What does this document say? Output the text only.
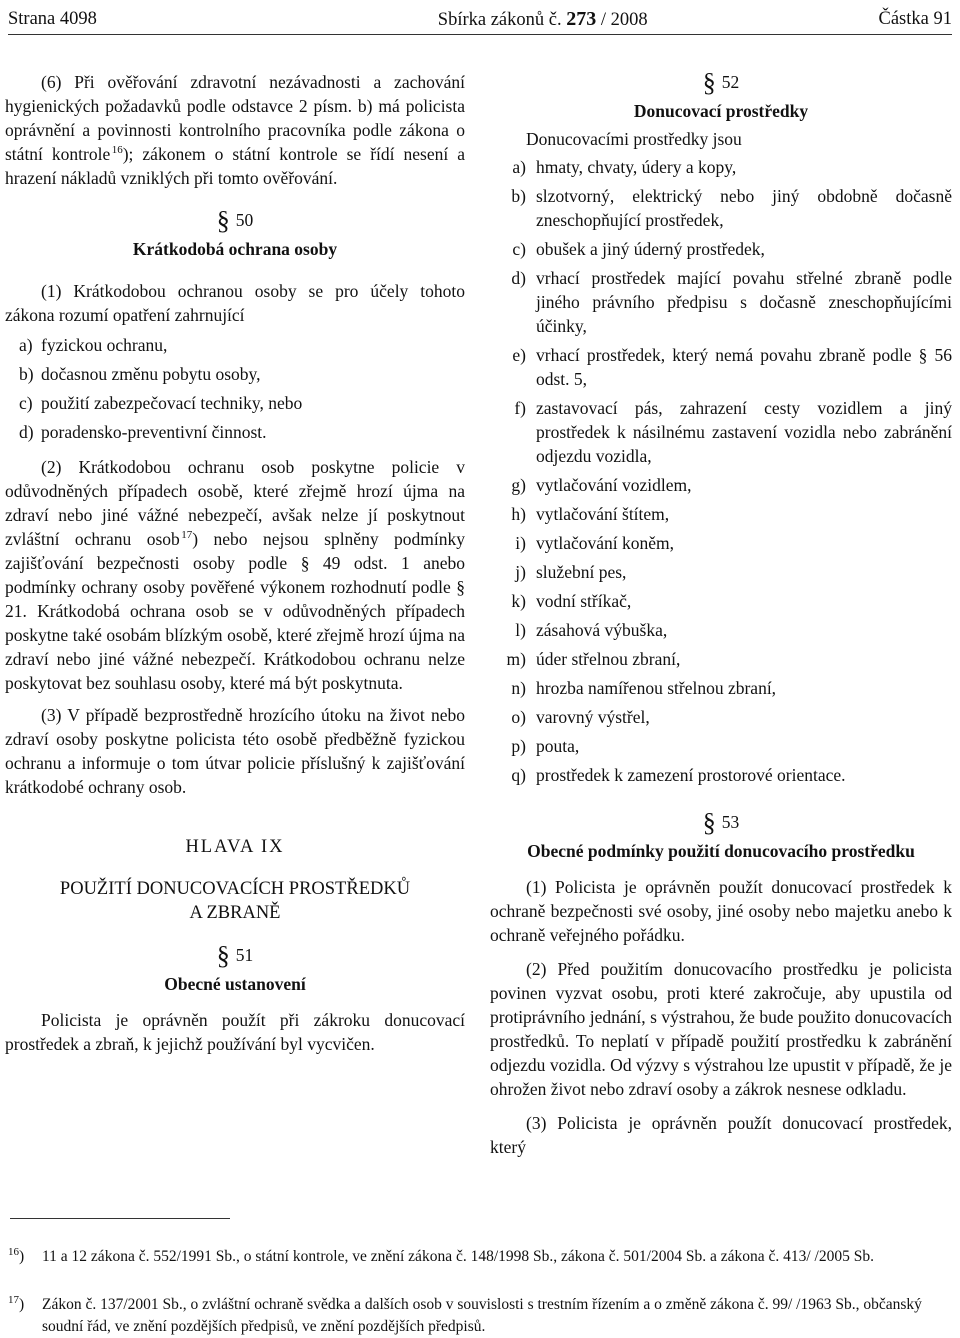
Strana 4098	Sbírka zákonů č. 273 / 2008	Částka 91

(6) Při ověřování zdravotní nezávadnosti a zachování hygienických požadavků podle odstavce 2 písm. b) má policista oprávnění a povinnosti kontrolního pracovníka podle zákona o státní kontrole $^{16}$); zákonem o státní kontrole se řídí nesení a hrazení nákladů vzniklých při tomto ověřování.

§ 50

Krátkodobá ochrana osoby

(1) Krátkodobou ochranou osoby se pro účely tohoto zákona rozumí opatření zahrnující

a) fyzickou ochranu,
b) dočasnou změnu pobytu osoby,
c) použití zabezpečovací techniky, nebo
d) poradensko-preventivní činnost.

(2) Krátkodobou ochranu osob poskytne policie v odůvodněných případech osobě, které zřejmě hrozí újma na zdraví nebo jiné vážné nebezpečí, avšak nelze jí poskytnout zvláštní ochranu osob $^{17}$) nebo nejsou splněny podmínky zajišťování bezpečnosti osoby podle § 49 odst. 1 anebo podmínky ochrany osoby pověřené výkonem rozhodnutí podle § 21. Krátkodobá ochrana osob se v odůvodněných případech poskytne také osobám blízkým osobě, které zřejmě hrozí újma na zdraví nebo jiné vážné nebezpečí. Krátkodobou ochranu nelze poskytovat bez souhlasu osoby, které má být poskytnuta.

(3) V případě bezprostředně hrozícího útoku na život nebo zdraví osoby poskytne policista této osobě předběžně fyzickou ochranu a informuje o tom útvar policie příslušný k zajišťování krátkodobé ochrany osob.

HLAVA IX

POUŽITÍ DONUCOVACÍCH PROSTŘEDKŮ

A ZBRANĚ

§ 51

Obecné ustanovení

Policista je oprávněn použít při zákroku donucovací prostředek a zbraň, k jejichž používání byl vycvičen.

§ 52

Donucovací prostředky

Donucovacími prostředky jsou

a) hmaty, chvaty, údery a kopy,
b) slzotvorný, elektrický nebo jiný obdobně dočasně zneschopňující prostředek,
c) obušek a jiný úderný prostředek,
d) vrhací prostředek mající povahu střelné zbraně podle jiného právního předpisu s dočasně zneschopňujícími účinky,
e) vrhací prostředek, který nemá povahu zbraně podle § 56 odst. 5,
f) zastavovací pás, zahrazení cesty vozidlem a jiný prostředek k násilnému zastavení vozidla nebo zabránění odjezdu vozidla,
g) vytlačování vozidlem,
h) vytlačování štítem,
i) vytlačování koněm,
j) služební pes,
k) vodní stříkač,
l) zásahová výbuška,
m) úder střelnou zbraní,
n) hrozba namířenou střelnou zbraní,
o) varovný výstřel,
p) pouta,
q) prostředek k zamezení prostorové orientace.

§ 53

Obecné podmínky použití donucovacího prostředku

(1) Policista je oprávněn použít donucovací prostředek k ochraně bezpečnosti své osoby, jiné osoby nebo majetku anebo k ochraně veřejného pořádku.

(2) Před použitím donucovacího prostředku je policista povinen vyzvat osobu, proti které zakročuje, aby upustila od protiprávního jednání, s výstrahou, že bude použito donucovacích prostředků. To neplatí v případě použití prostředku k zabránění odjezdu vozidla. Od výzvy s výstrahou lze upustit v případě, že je ohrožen život nebo zdraví osoby a zákrok nesnese odkladu.

(3) Policista je oprávněn použít donucovací prostředek, který

$^{16}$) 11 a 12 zákona č. 552/1991 Sb., o státní kontrole, ve znění zákona č. 148/1998 Sb., zákona č. 501/2004 Sb. a zákona č. 413/ /2005 Sb.
$^{17}$) Zákon č. 137/2001 Sb., o zvláštní ochraně svědka a dalších osob v souvislosti s trestním řízením a o změně zákona č. 99/ /1963 Sb., občanský soudní řád, ve znění pozdějších předpisů, ve znění pozdějších předpisů.
